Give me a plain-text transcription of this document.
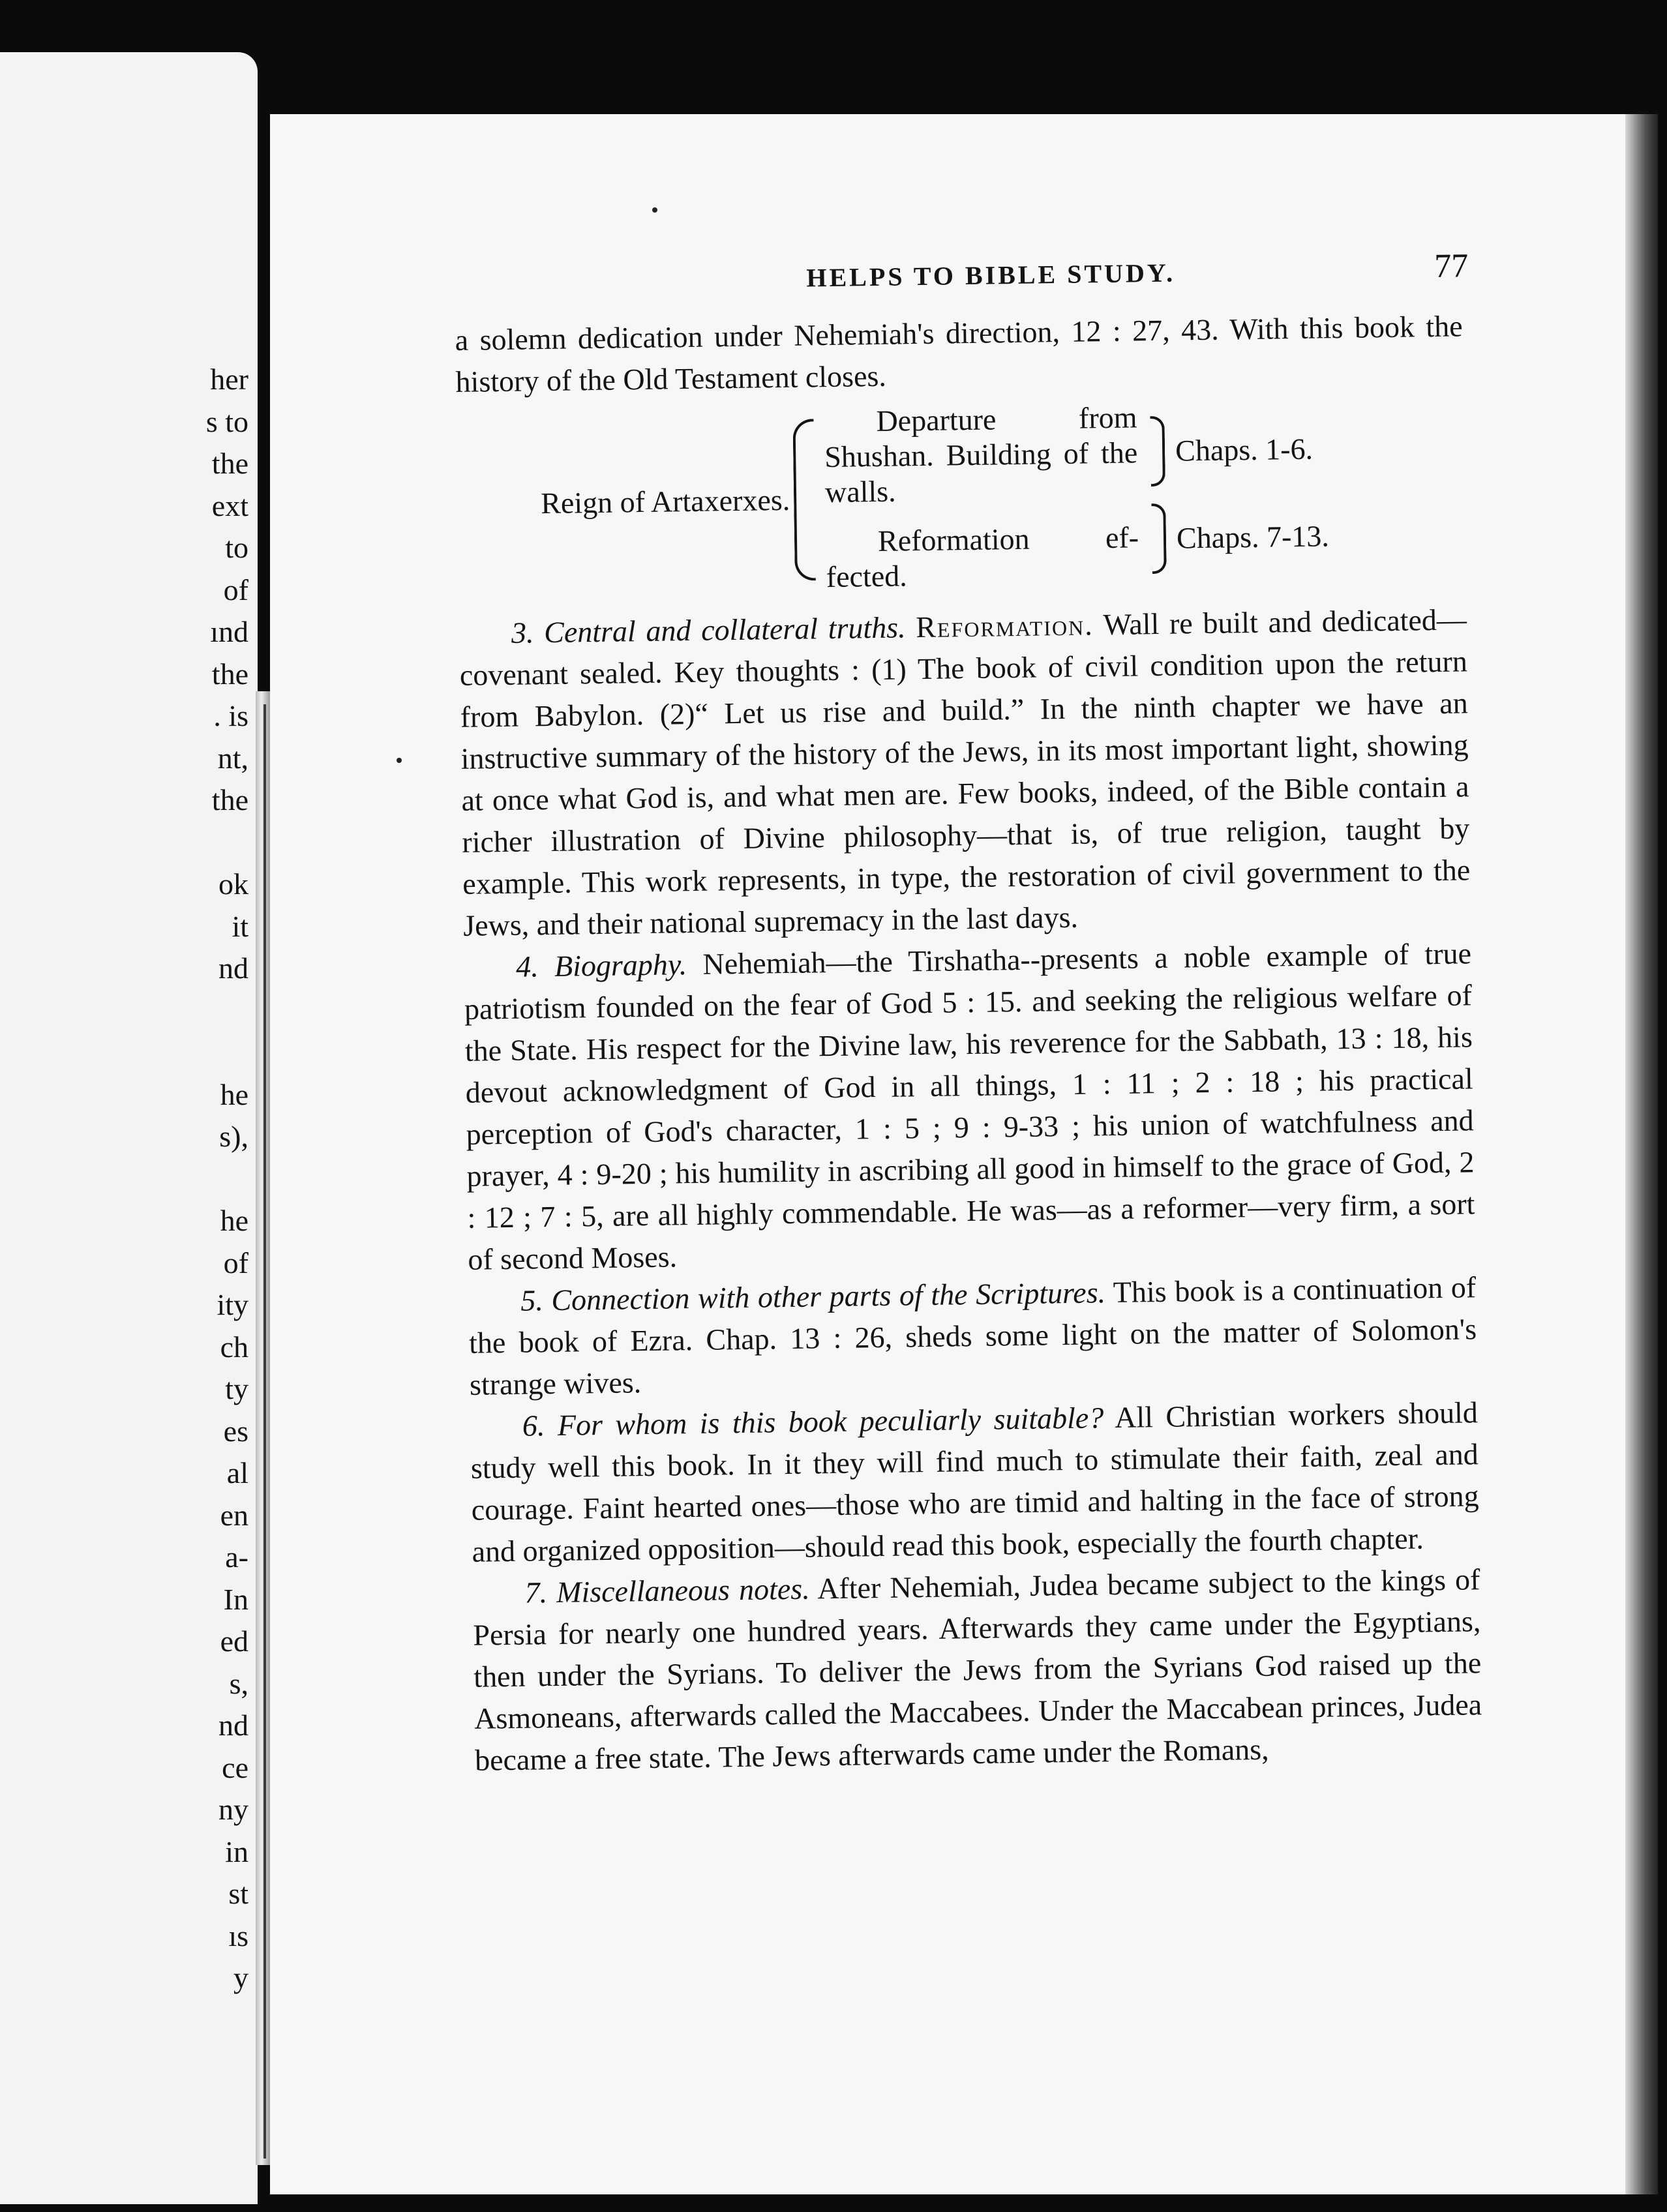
her
s to
the
ext
to
of
ınd
the
. is
nt,
the
ok
it
nd
he
s),
he
of
ity
ch
ty
es
al
en
a-
In
ed
s,
nd
ce
ny
in
st
ıs
y
HELPS TO BIBLE STUDY.	77

a solemn dedication under Nehemiah's direction, 12 : 27, 43. With this book the history of the Old Testament closes.

Reign of Artaxerxes.
Departure from
Shushan. Building of the walls.
Reformation ef-
fected.
Chaps. 1-6.
Chaps. 7-13.

3. Central and collateral truths. Reformation. Wall re built and dedicated—covenant sealed. Key thoughts : (1) The book of civil condition upon the return from Babylon. (2)“ Let us rise and build.” In the ninth chapter we have an instructive summary of the history of the Jews, in its most important light, showing at once what God is, and what men are. Few books, indeed, of the Bible contain a richer illustration of Divine philosophy—that is, of true religion, taught by example. This work represents, in type, the restoration of civil government to the Jews, and their national supremacy in the last days.

4. Biography. Nehemiah—the Tirshatha--presents a noble example of true patriotism founded on the fear of God 5 : 15. and seeking the religious welfare of the State. His respect for the Divine law, his reverence for the Sabbath, 13 : 18, his devout acknowledgment of God in all things, 1 : 11 ; 2 : 18 ; his practical perception of God's character, 1 : 5 ; 9 : 9-33 ; his union of watchfulness and prayer, 4 : 9-20 ; his humility in ascribing all good in himself to the grace of God, 2 : 12 ; 7 : 5, are all highly commendable. He was—as a reformer—very firm, a sort of second Moses.

5. Connection with other parts of the Scriptures. This book is a continuation of the book of Ezra. Chap. 13 : 26, sheds some light on the matter of Solomon's strange wives.

6. For whom is this book peculiarly suitable? All Christian workers should study well this book. In it they will find much to stimulate their faith, zeal and courage. Faint hearted ones—those who are timid and halting in the face of strong and organized opposition—should read this book, especially the fourth chapter.

7. Miscellaneous notes. After Nehemiah, Judea became subject to the kings of Persia for nearly one hundred years. Afterwards they came under the Egyptians, then under the Syrians. To deliver the Jews from the Syrians God raised up the Asmoneans, afterwards called the Maccabees. Under the Maccabean princes, Judea became a free state. The Jews afterwards came under the Romans,
